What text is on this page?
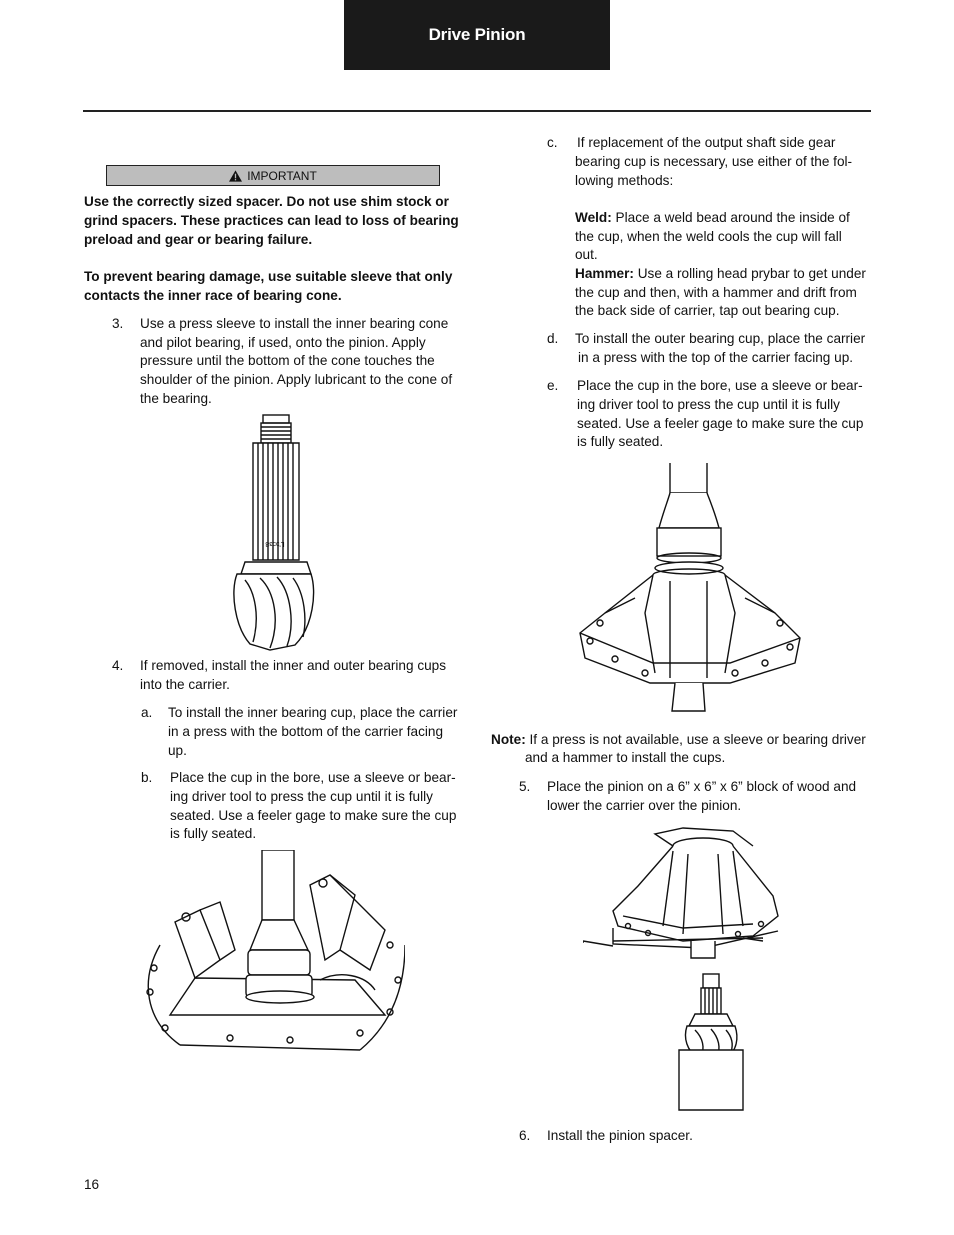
Drive Pinion
IMPORTANT
Use the correctly sized spacer. Do not use shim stock or
grind spacers. These practices can lead to loss of bearing
preload and gear or bearing failure.
To prevent bearing damage, use suitable sleeve that only
contacts the inner race of bearing cone.
3. Use a press sleeve to install the inner bearing cone
and pilot bearing, if used, onto the pinion. Apply
pressure until the bottom of the cone touches the
shoulder of the pinion. Apply lubricant to the cone of
the bearing.
L'ɔɔɜ8
4. If removed, install the inner and outer bearing cups
into the carrier.
a. To install the inner bearing cup, place the carrier
in a press with the bottom of the carrier facing
up.
b. Place the cup in the bore, use a sleeve or bear-
ing driver tool to press the cup until it is fully
seated. Use a feeler gage to make sure the cup
is fully seated.
c. If replacement of the output shaft side gear
bearing cup is necessary, use either of the fol-
lowing methods:
Weld: Place a weld bead around the inside of
the cup, when the weld cools the cup will fall
out.
Hammer: Use a rolling head prybar to get under
the cup and then, with a hammer and drift from
the back side of carrier, tap out bearing cup.
d. To install the outer bearing cup, place the carrier
in a press with the top of the carrier facing up.
e. Place the cup in the bore, use a sleeve or bear-
ing driver tool to press the cup until it is fully
seated. Use a feeler gage to make sure the cup
is fully seated.
Note: If a press is not available, use a sleeve or bearing driver
and a hammer to install the cups.
5. Place the pinion on a 6” x 6” x 6” block of wood and
lower the carrier over the pinion.
6. Install the pinion spacer.
16
